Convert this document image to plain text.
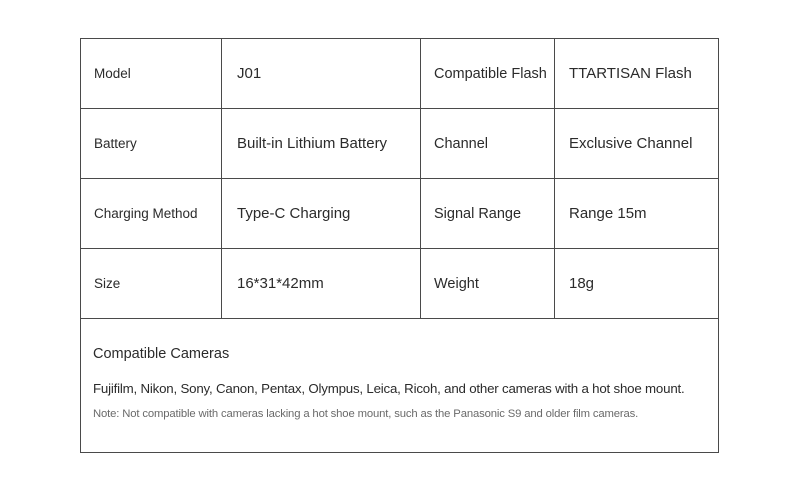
Model	J01	Compatible Flash	TTARTISAN Flash
Battery	Built-in Lithium Battery	Channel	Exclusive Channel
Charging Method	Type-C Charging	Signal Range	Range 15m
Size	16*31*42mm	Weight	18g
Compatible Cameras
Fujifilm, Nikon, Sony, Canon, Pentax, Olympus, Leica, Ricoh, and other cameras with a hot shoe mount.
Note: Not compatible with cameras lacking a hot shoe mount, such as the Panasonic S9 and older film cameras.
